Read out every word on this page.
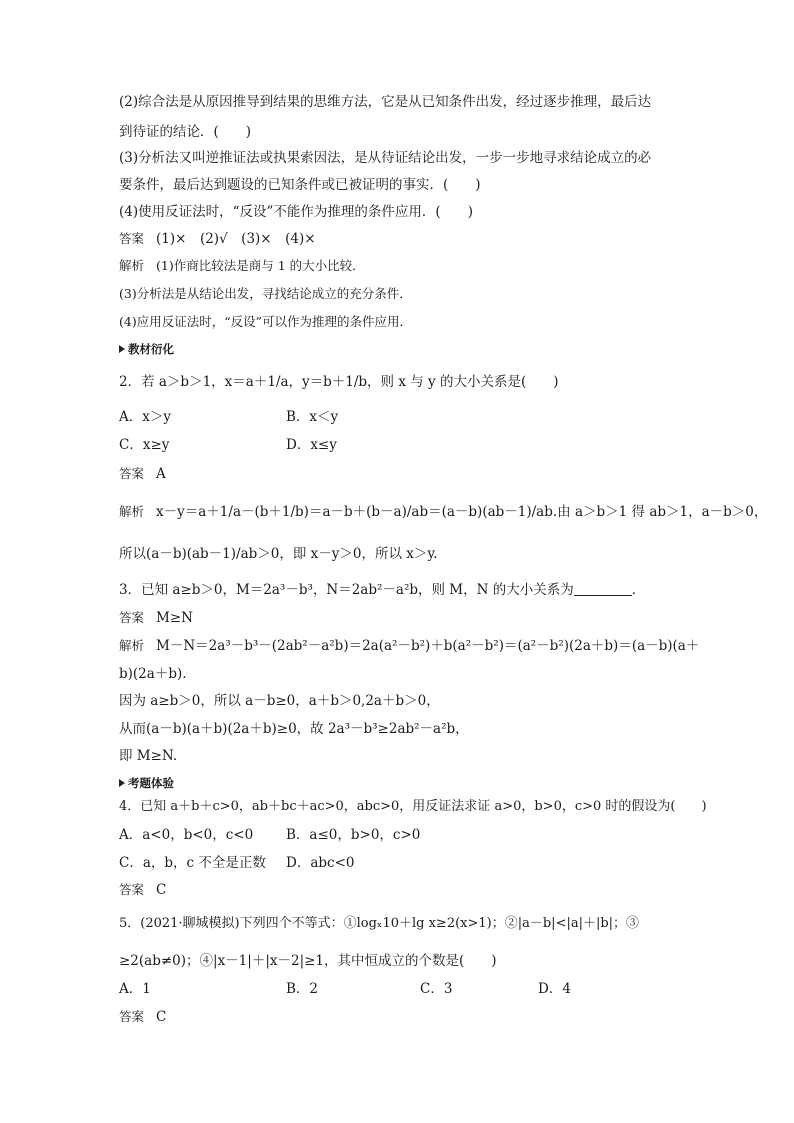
(2)综合法是从原因推导到结果的思维方法，它是从已知条件出发，经过逐步推理，最后达
到待证的结论．(　　)
(3)分析法又叫逆推证法或执果索因法，是从待证结论出发，一步一步地寻求结论成立的必
要条件，最后达到题设的已知条件或已被证明的事实．(　　)
(4)使用反证法时，“反设”不能作为推理的条件应用．(　　)
答案 (1)×　(2)√　(3)×　(4)×
解析 (1)作商比较法是商与 1 的大小比较．
(3)分析法是从结论出发，寻找结论成立的充分条件．
(4)应用反证法时，“反设”可以作为推理的条件应用．
教材衍化
2．若 a＞b＞1，x＝a＋1/a，y＝b＋1/b，则 x 与 y 的大小关系是(　　)
A．x＞y	B．x＜y
C．x≥y	D．x≤y
答案 A
解析 x－y＝a＋1/a－(b＋1/b)＝a－b＋(b－a)/ab＝(a－b)(ab－1)/ab.由 a＞b＞1 得 ab＞1，a－b＞0，
所以(a－b)(ab－1)/ab＞0，即 x－y＞0，所以 x＞y.
3．已知 a≥b＞0，M＝2a³－b³，N＝2ab²－a²b，则 M，N 的大小关系为	．
答案 M≥N
解析 M－N＝2a³－b³－(2ab²－a²b)＝2a(a²－b²)＋b(a²－b²)＝(a²－b²)(2a＋b)＝(a－b)(a＋
b)(2a＋b).
因为 a≥b＞0，所以 a－b≥0，a＋b＞0,2a＋b＞0，
从而(a－b)(a＋b)(2a＋b)≥0，故 2a³－b³≥2ab²－a²b，
即 M≥N.
考题体验
4．已知 a＋b＋c>0，ab＋bc＋ac>0，abc>0，用反证法求证 a>0，b>0，c>0 时的假设为(　　)
A．a<0，b<0，c<0 B．a≤0，b>0，c>0
C．a，b，c 不全是正数 D．abc<0
答案 C
5．(2021·聊城模拟)下列四个不等式：①logₓ10＋lg x≥2(x>1)；②|a－b|<|a|＋|b|；③
≥2(ab≠0)；④|x－1|＋|x－2|≥1，其中恒成立的个数是(　　)
A．1	B．2	C．3	D．4
答案 C
